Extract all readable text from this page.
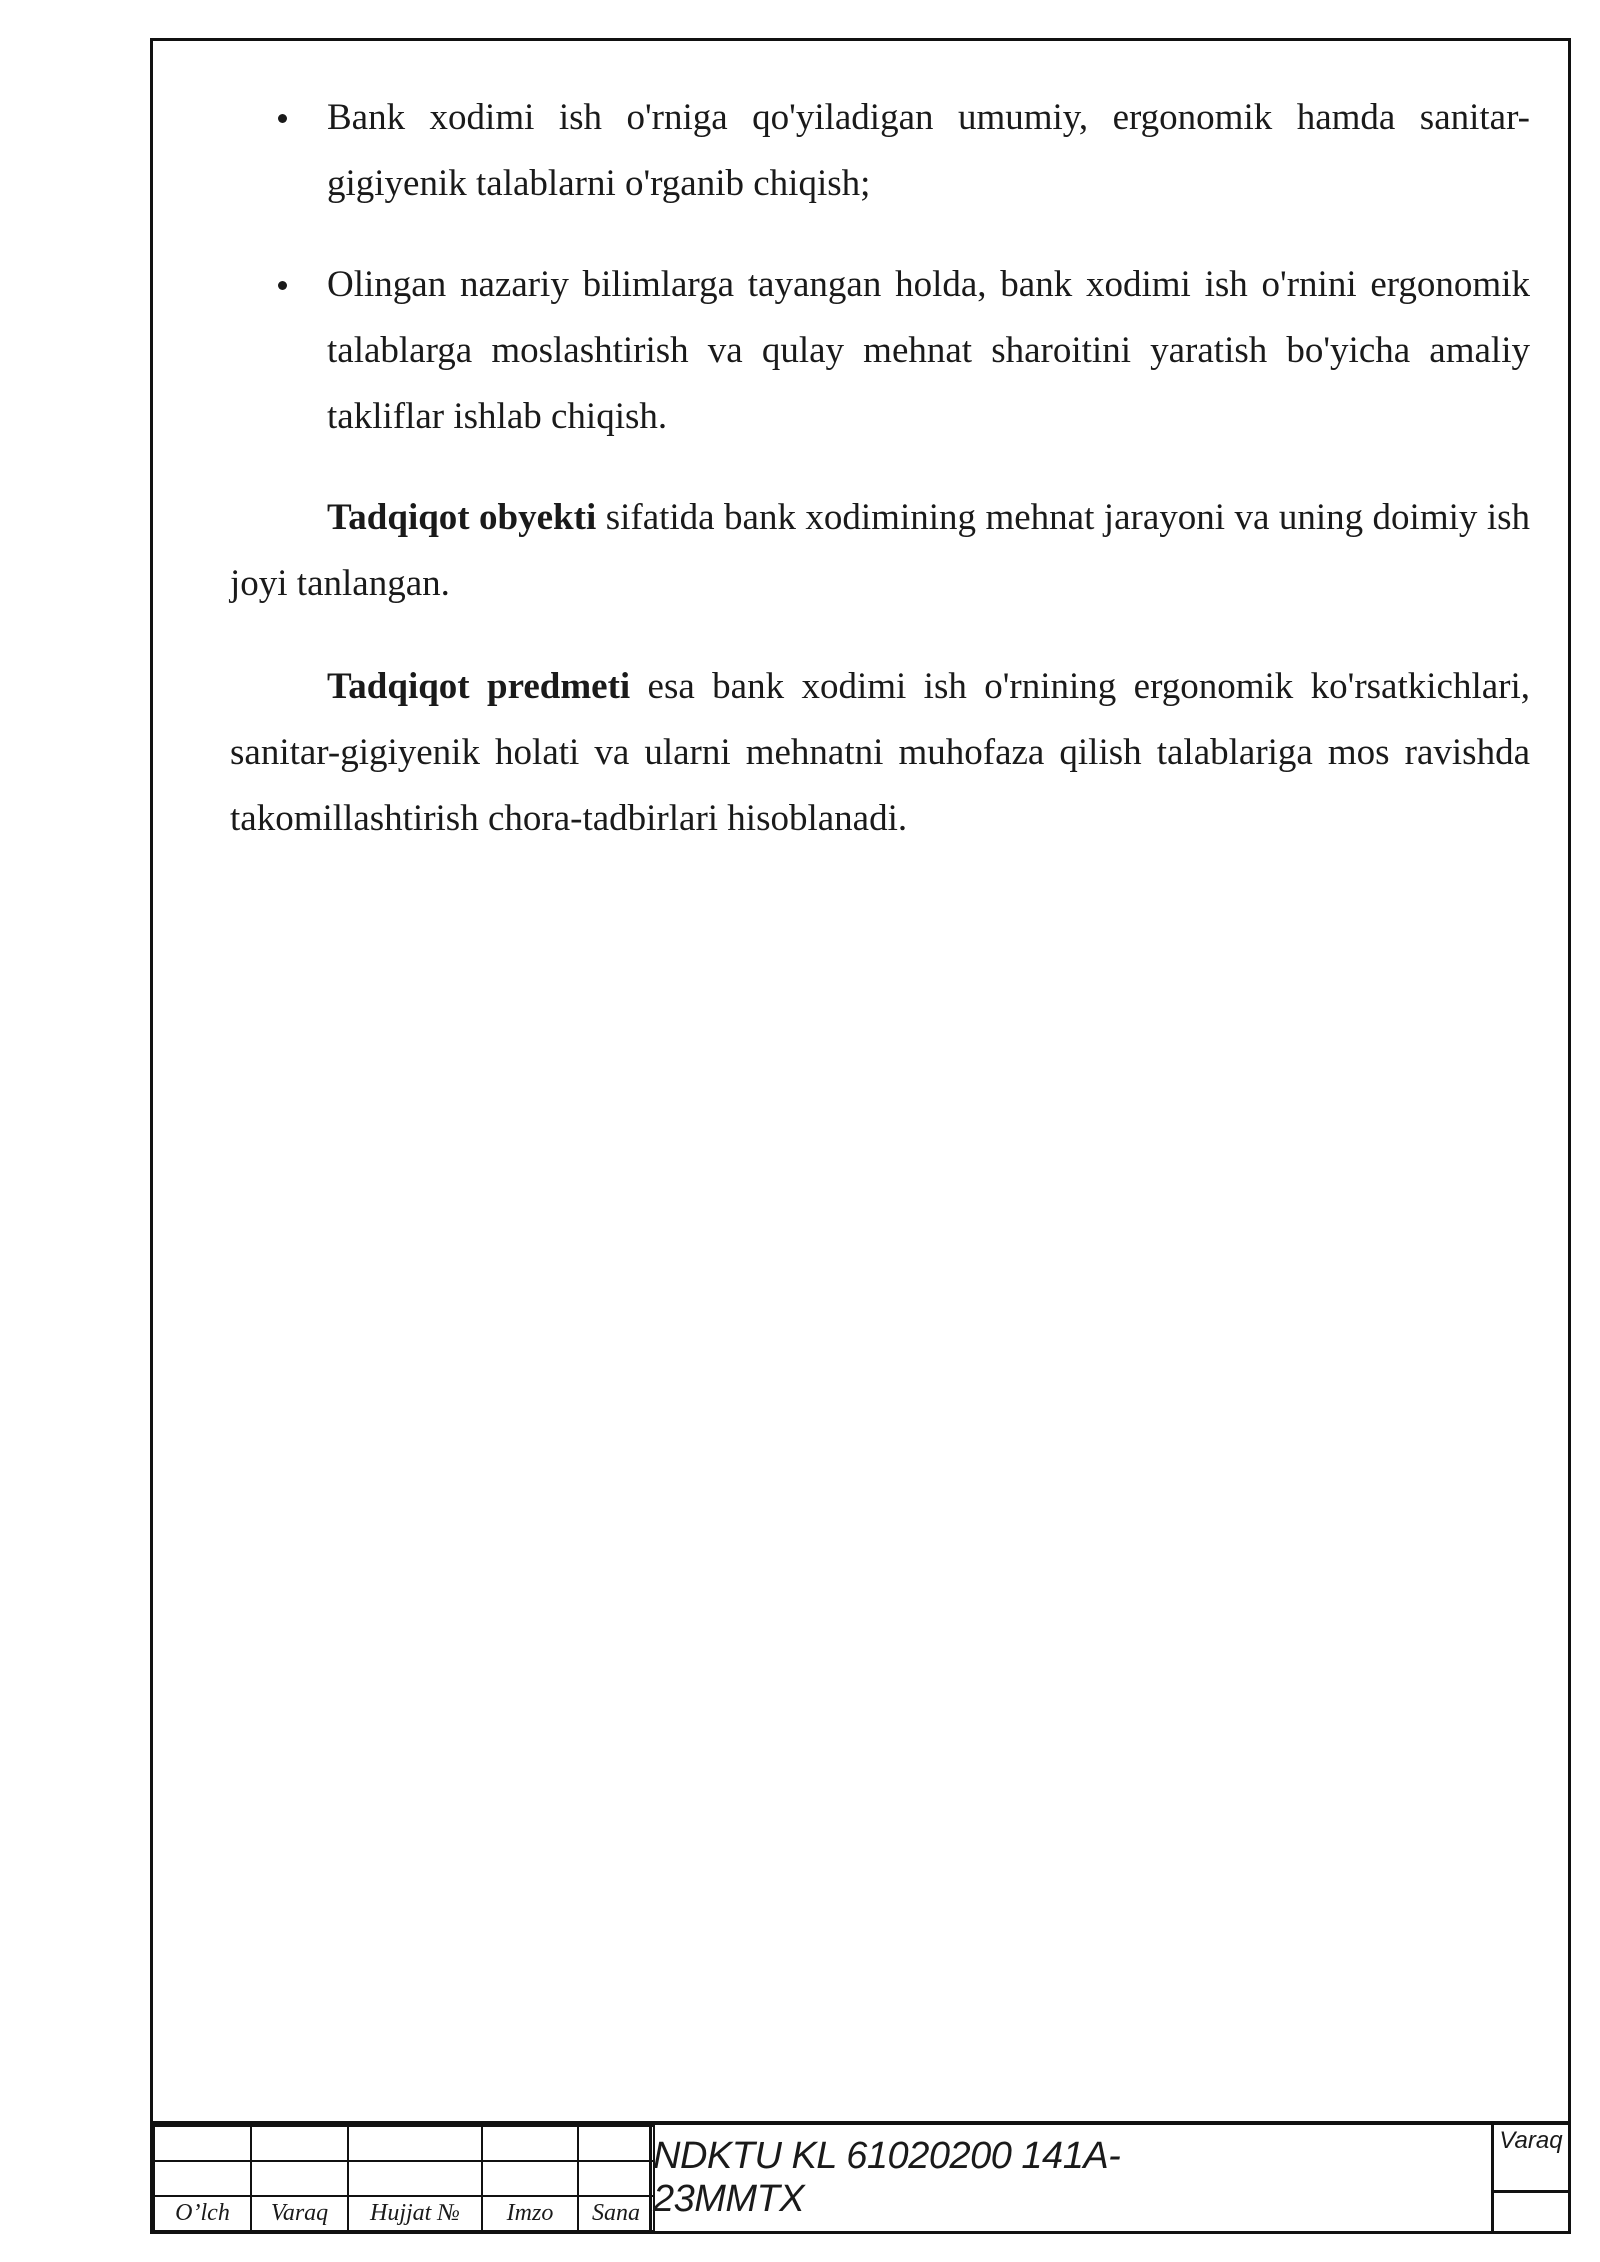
Bank xodimi ish o'rniga qo'yiladigan umumiy, ergonomik hamda sanitar-gigiyenik talablarni o'rganib chiqish;
Olingan nazariy bilimlarga tayangan holda, bank xodimi ish o'rnini ergonomik talablarga moslashtirish va qulay mehnat sharoitini yaratish bo'yicha amaliy takliflar ishlab chiqish.

Tadqiqot obyekti sifatida bank xodimining mehnat jarayoni va uning doimiy ish joyi tanlangan.

Tadqiqot predmeti esa bank xodimi ish o'rnining ergonomik ko'rsatkichlari, sanitar-gigiyenik holati va ularni mehnatni muhofaza qilish talablariga mos ravishda takomillashtirish chora-tadbirlari hisoblanadi.

O’lch	Varaq	Hujjat №	Imzo	Sana
NDKTU KL 61020200 141A-23MMTX
Varaq
